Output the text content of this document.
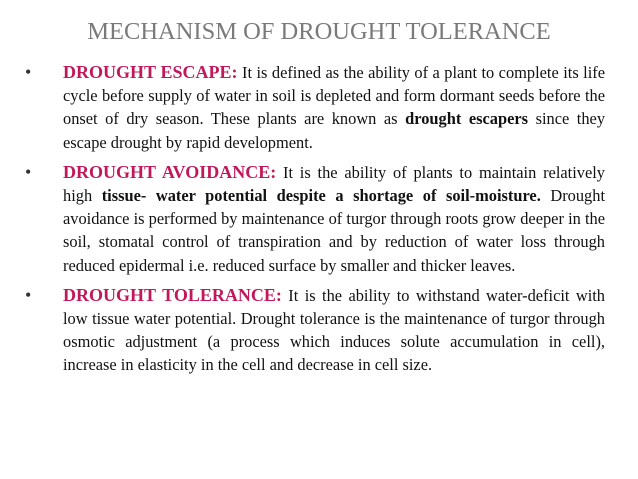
MECHANISM OF DROUGHT TOLERANCE
• DROUGHT ESCAPE: It is defined as the ability of a plant to complete its life cycle before supply of water in soil is depleted and form dormant seeds before the onset of dry season. These plants are known as drought escapers since they escape drought by rapid development.
• DROUGHT AVOIDANCE: It is the ability of plants to maintain relatively high tissue- water potential despite a shortage of soil-moisture. Drought avoidance is performed by maintenance of turgor through roots grow deeper in the soil, stomatal control of transpiration and by reduction of water loss through reduced epidermal i.e. reduced surface by smaller and thicker leaves.
• DROUGHT TOLERANCE: It is the ability to withstand water-deficit with low tissue water potential. Drought tolerance is the maintenance of turgor through osmotic adjustment (a process which induces solute accumulation in cell), increase in elasticity in the cell and decrease in cell size.
